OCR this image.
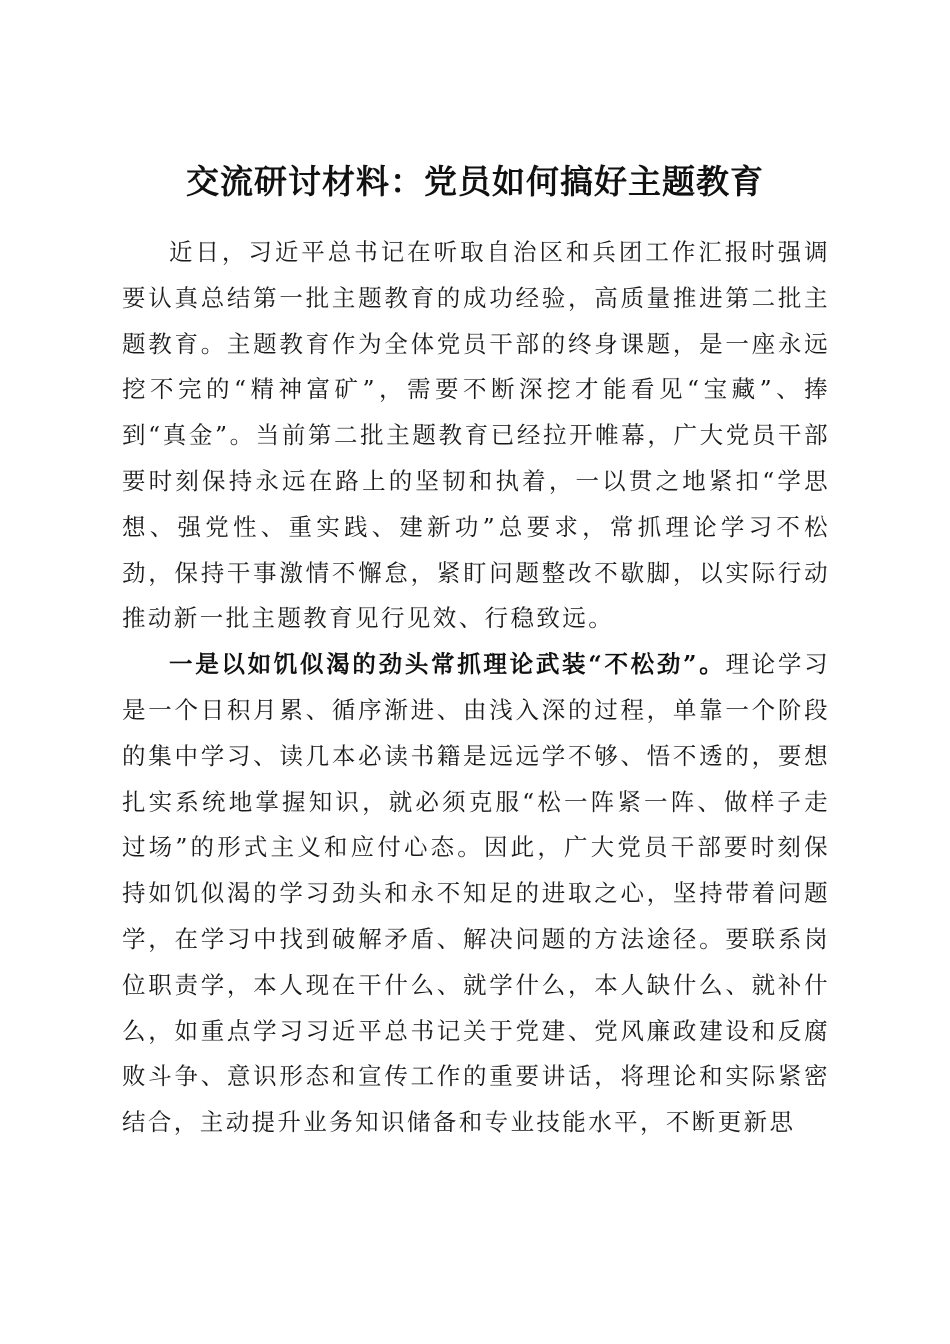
交流研讨材料：党员如何搞好主题教育

近日，习近平总书记在听取自治区和兵团工作汇报时强调要认真总结第一批主题教育的成功经验，高质量推进第二批主题教育。主题教育作为全体党员干部的终身课题，是一座永远挖不完的“精神富矿”，需要不断深挖才能看见“宝藏”、捧到“真金”。当前第二批主题教育已经拉开帷幕，广大党员干部要时刻保持永远在路上的坚韧和执着，一以贯之地紧扣“学思想、强党性、重实践、建新功”总要求，常抓理论学习不松劲，保持干事激情不懈怠，紧盯问题整改不歇脚，以实际行动推动新一批主题教育见行见效、行稳致远。

一是以如饥似渴的劲头常抓理论武装“不松劲”。理论学习是一个日积月累、循序渐进、由浅入深的过程，单靠一个阶段的集中学习、读几本必读书籍是远远学不够、悟不透的，要想扎实系统地掌握知识，就必须克服“松一阵紧一阵、做样子走过场”的形式主义和应付心态。因此，广大党员干部要时刻保持如饥似渴的学习劲头和永不知足的进取之心，坚持带着问题学，在学习中找到破解矛盾、解决问题的方法途径。要联系岗位职责学，本人现在干什么、就学什么，本人缺什么、就补什么，如重点学习习近平总书记关于党建、党风廉政建设和反腐败斗争、意识形态和宣传工作的重要讲话，将理论和实际紧密结合，主动提升业务知识储备和专业技能水平，不断更新思
